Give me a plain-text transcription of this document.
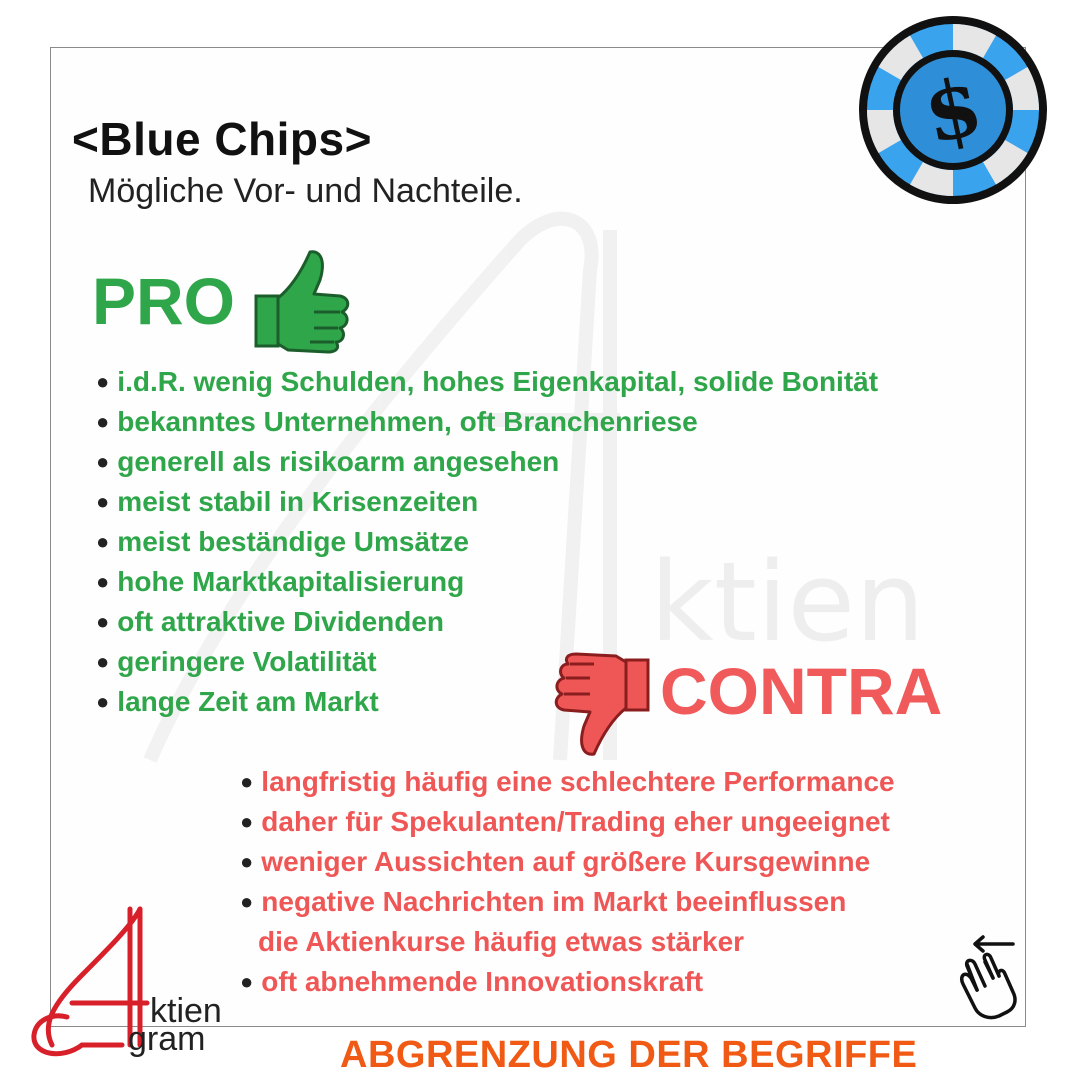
ktien
<Blue Chips>
Mögliche Vor- und Nachteile.
$
PRO
● i.d.R. wenig Schulden, hohes Eigenkapital, solide Bonität
● bekanntes Unternehmen, oft Branchenriese
● generell als risikoarm angesehen
● meist stabil in Krisenzeiten
● meist beständige Umsätze
● hohe Marktkapitalisierung
● oft attraktive Dividenden
● geringere Volatilität
● lange Zeit am Markt	CONTRA
● langfristig häufig eine schlechtere Performance
● daher für Spekulanten/Trading eher ungeeignet
● weniger Aussichten auf größere Kursgewinne
● negative Nachrichten im Markt beeinflussen
die Aktienkurse häufig etwas stärker
● oft abnehmende Innovationskraft
ktien
gram	ABGRENZUNG DER BEGRIFFE
